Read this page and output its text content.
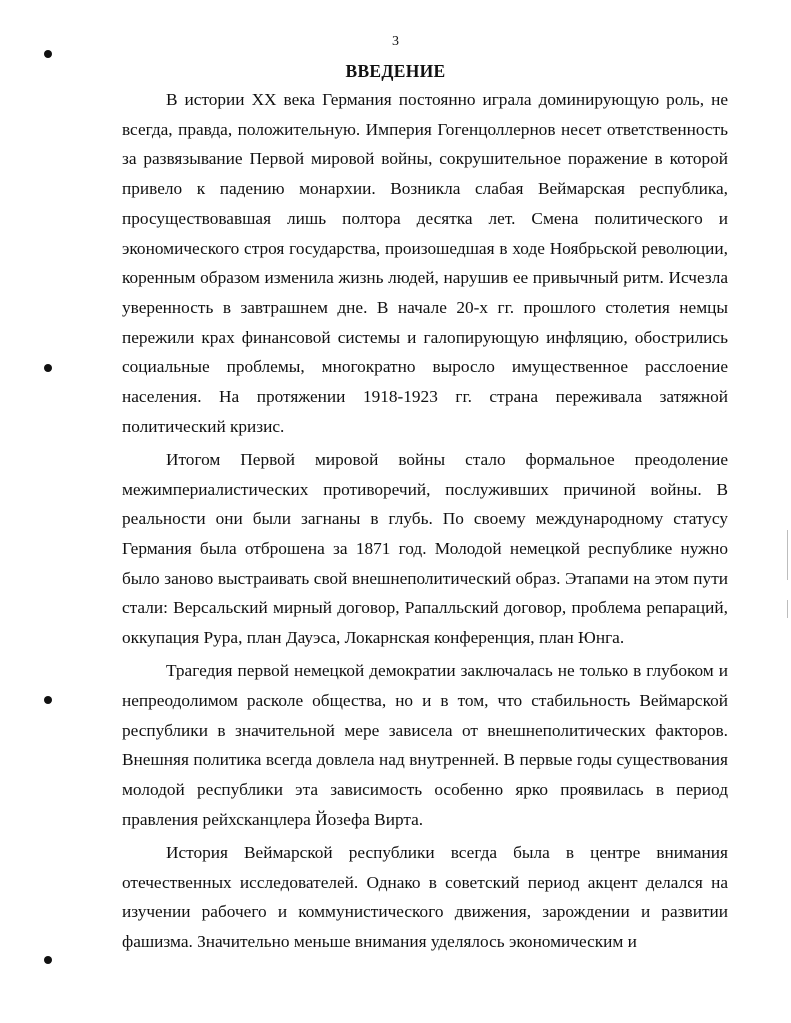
3
ВВЕДЕНИЕ

В истории XX века Германия постоянно играла доминирующую роль, не всегда, правда, положительную. Империя Гогенцоллернов несет ответственность за развязывание Первой мировой войны, сокрушительное поражение в которой привело к падению монархии. Возникла слабая Веймарская республика, просуществовавшая лишь полтора десятка лет. Смена политического и экономического строя государства, произошедшая в ходе Ноябрьской революции, коренным образом изменила жизнь людей, нарушив ее привычный ритм. Исчезла уверенность в завтрашнем дне. В начале 20-х гг. прошлого столетия немцы пережили крах финансовой системы и галопирующую инфляцию, обострились социальные проблемы, многократно выросло имущественное расслоение населения. На протяжении 1918-1923 гг. страна переживала затяжной политический кризис.

Итогом Первой мировой войны стало формальное преодоление межимпериалистических противоречий, послуживших причиной войны. В реальности они были загнаны в глубь. По своему международному статусу Германия была отброшена за 1871 год. Молодой немецкой республике нужно было заново выстраивать свой внешнеполитический образ. Этапами на этом пути стали: Версальский мирный договор, Рапалльский договор, проблема репараций, оккупация Рура, план Дауэса, Локарнская конференция, план Юнга.

Трагедия первой немецкой демократии заключалась не только в глубоком и непреодолимом расколе общества, но и в том, что стабильность Веймарской республики в значительной мере зависела от внешнеполитических факторов. Внешняя политика всегда довлела над внутренней. В первые годы существования молодой республики эта зависимость особенно ярко проявилась в период правления рейхсканцлера Йозефа Вирта.

История Веймарской республики всегда была в центре внимания отечественных исследователей. Однако в советский период акцент делался на изучении рабочего и коммунистического движения, зарождении и развитии фашизма. Значительно меньше внимания уделялось экономическим и
